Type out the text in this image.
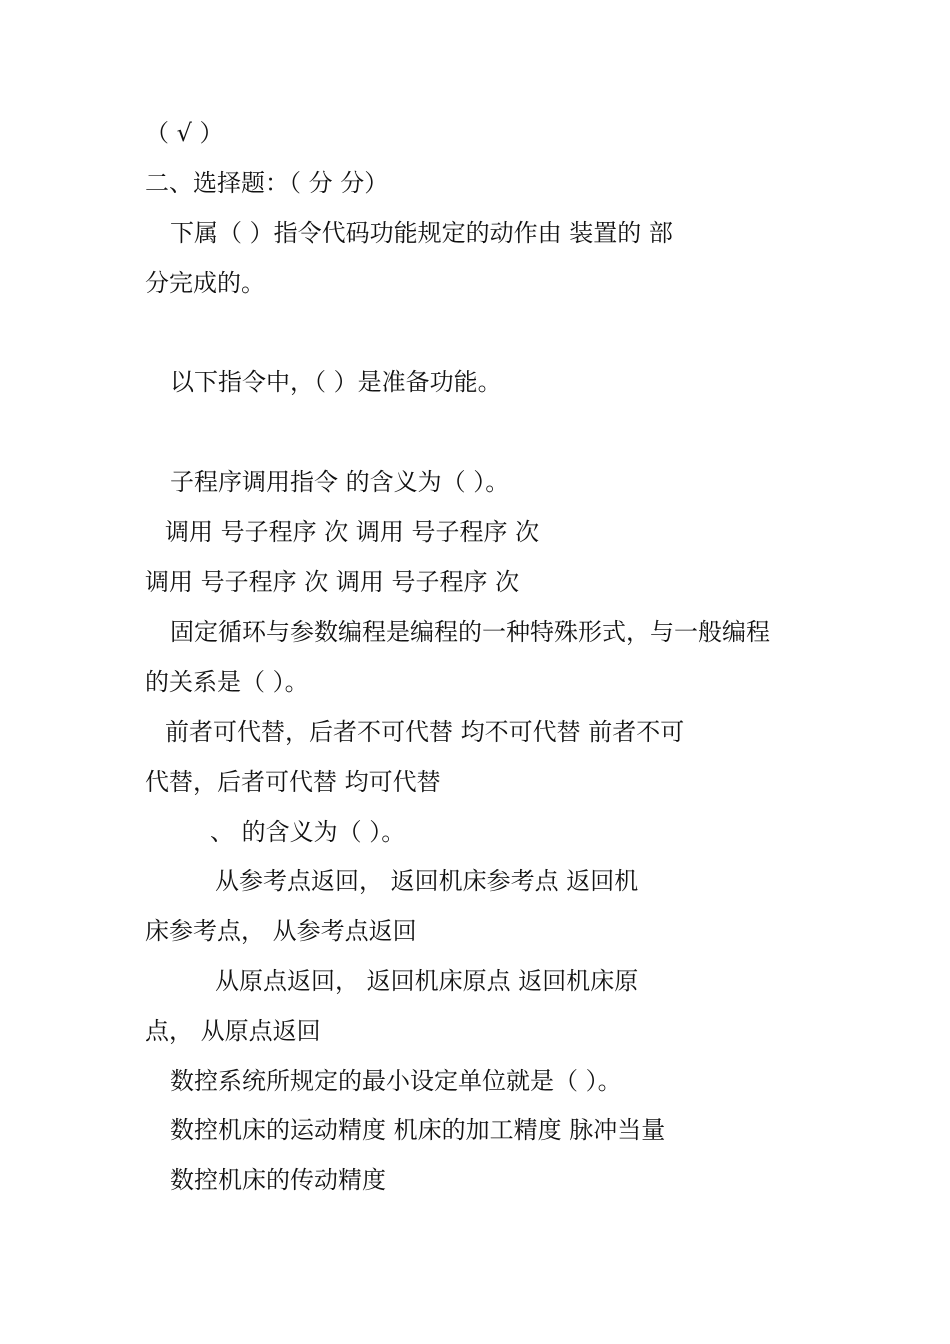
（ √ ）
二、选择题：（ 分 分）
下属（ ）指令代码功能规定的动作由 装置的 部
分完成的。
以下指令中，（ ）是准备功能。
子程序调用指令 的含义为（ ）。
调用 号子程序 次 调用 号子程序 次
调用 号子程序 次 调用 号子程序 次
固定循环与参数编程是编程的一种特殊形式，与一般编程
的关系是（ ）。
前者可代替，后者不可代替 均不可代替 前者不可
代替，后者可代替 均可代替
、 的含义为（ ）。
从参考点返回， 返回机床参考点 返回机
床参考点， 从参考点返回
从原点返回， 返回机床原点 返回机床原
点， 从原点返回
数控系统所规定的最小设定单位就是（ ）。
数控机床的运动精度 机床的加工精度 脉冲当量
数控机床的传动精度
